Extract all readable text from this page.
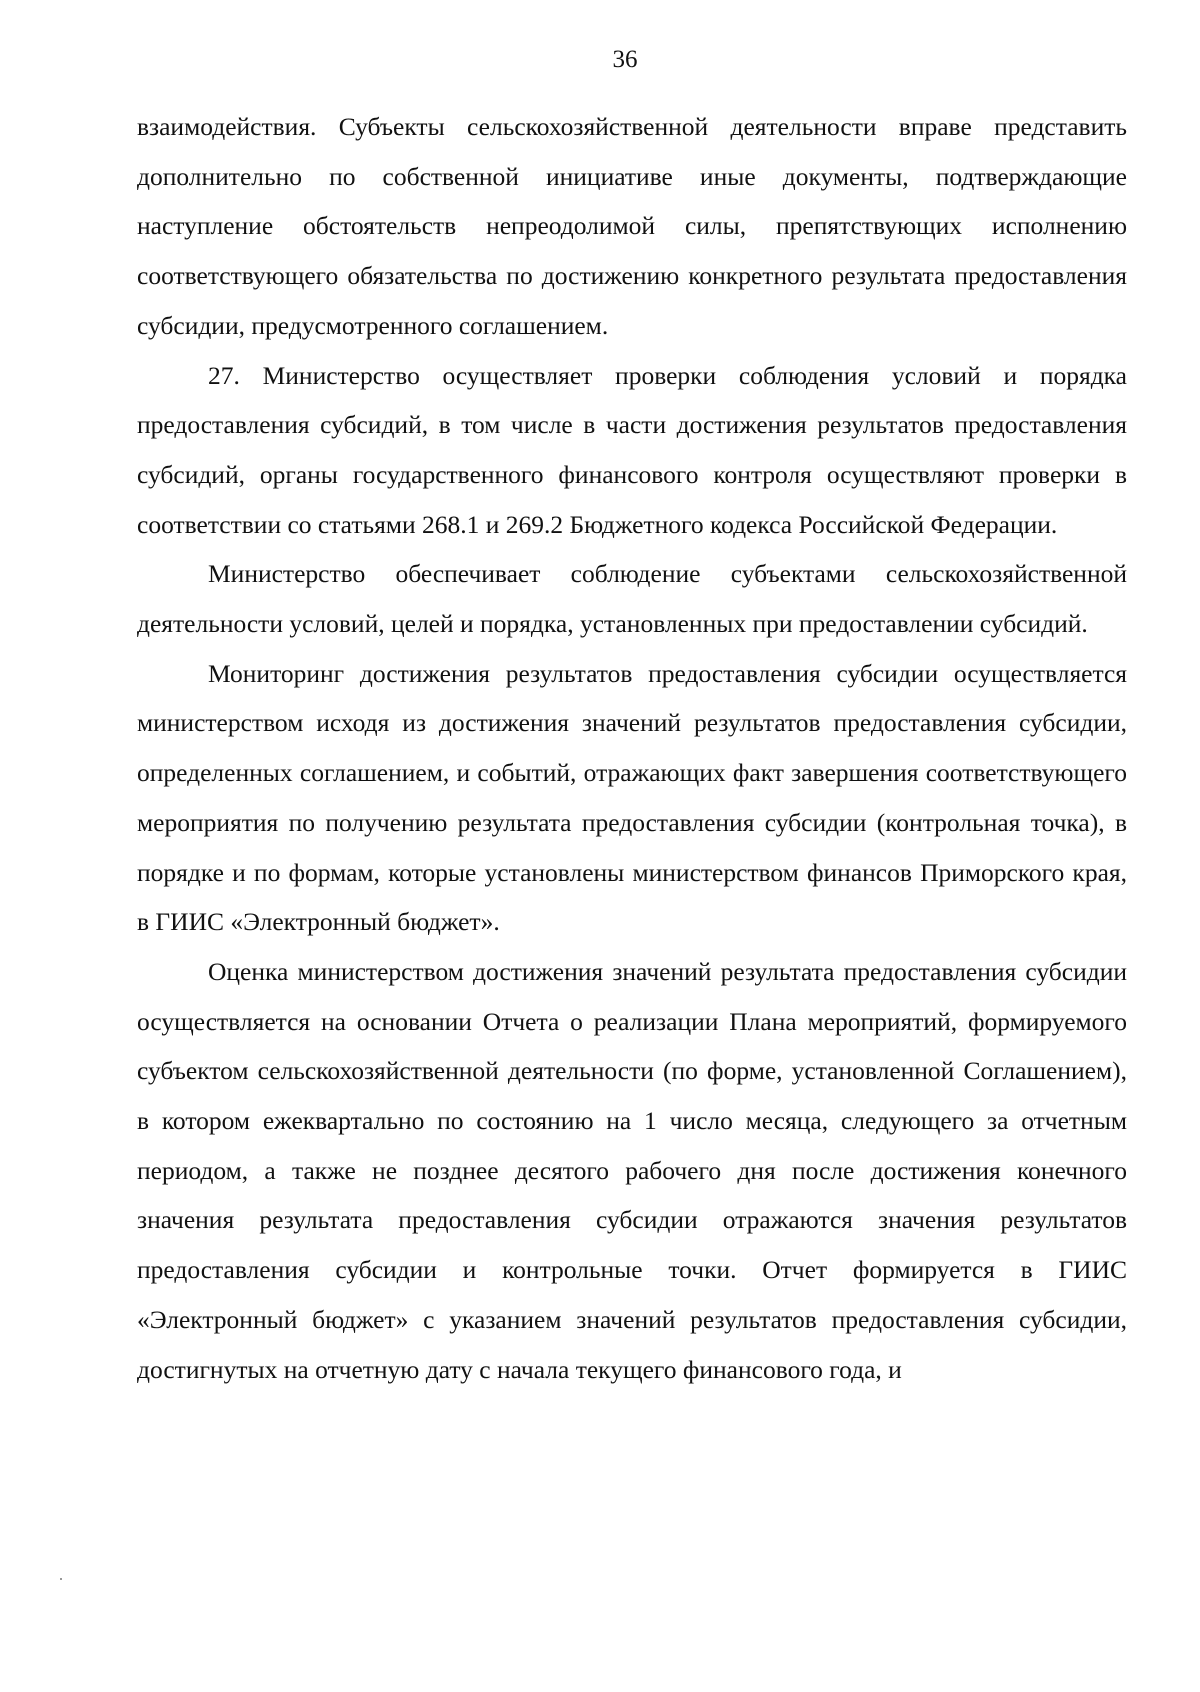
36

взаимодействия. Субъекты сельскохозяйственной деятельности вправе представить дополнительно по собственной инициативе иные документы, подтверждающие наступление обстоятельств непреодолимой силы, препятствующих исполнению соответствующего обязательства по достижению конкретного результата предоставления субсидии, предусмотренного соглашением.

27. Министерство осуществляет проверки соблюдения условий и порядка предоставления субсидий, в том числе в части достижения результатов предоставления субсидий, органы государственного финансового контроля осуществляют проверки в соответствии со статьями 268.1 и 269.2 Бюджетного кодекса Российской Федерации.

Министерство обеспечивает соблюдение субъектами сельскохозяйственной деятельности условий, целей и порядка, установленных при предоставлении субсидий.

Мониторинг достижения результатов предоставления субсидии осуществляется министерством исходя из достижения значений результатов предоставления субсидии, определенных соглашением, и событий, отражающих факт завершения соответствующего мероприятия по получению результата предоставления субсидии (контрольная точка), в порядке и по формам, которые установлены министерством финансов Приморского края, в ГИИС «Электронный бюджет».

Оценка министерством достижения значений результата предоставления субсидии осуществляется на основании Отчета о реализации Плана мероприятий, формируемого субъектом сельскохозяйственной деятельности (по форме, установленной Соглашением), в котором ежеквартально по состоянию на 1 число месяца, следующего за отчетным периодом, а также не позднее десятого рабочего дня после достижения конечного значения результата предоставления субсидии отражаются значения результатов предоставления субсидии и контрольные точки. Отчет формируется в ГИИС «Электронный бюджет» с указанием значений результатов предоставления субсидии, достигнутых на отчетную дату с начала текущего финансового года, и
